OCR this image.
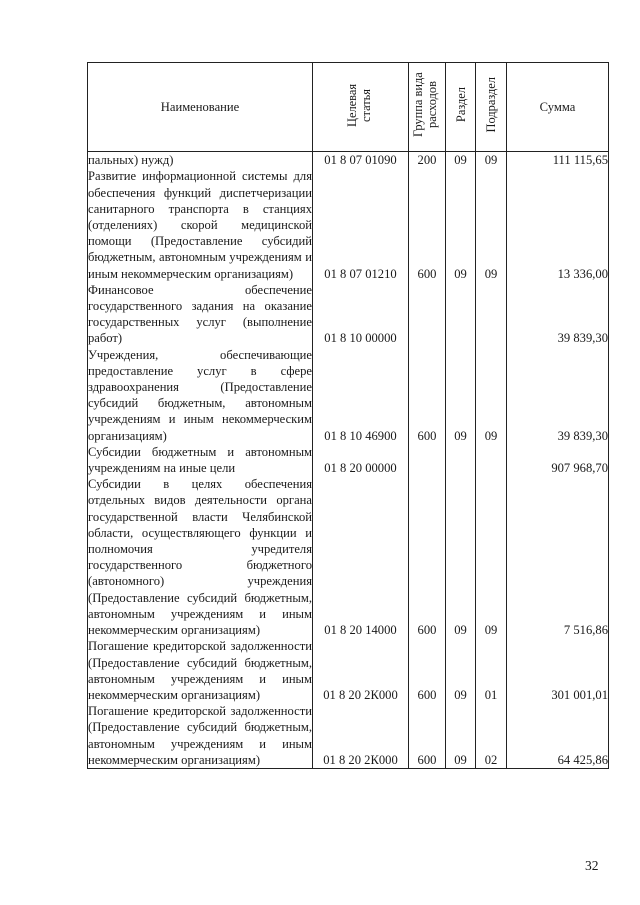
Наименование	Целевая статья	Группа вида расходов	Раздел	Подраздел	Сумма
пальных) нужд)	01 8 07 01090	200	09	09	111 115,65
Развитие информационной системы для обеспечения функций диспетчеризации санитарного транспорта в станциях (отделениях) скорой медицинской помощи (Предоставление субсидий бюджетным, автономным учреждениям и иным некоммерческим организациям)	01 8 07 01210	600	09	09	13 336,00
Финансовое обеспечение государственного задания на оказание государственных услуг (выполнение работ)	01 8 10 00000				39 839,30
Учреждения, обеспечивающие предоставление услуг в сфере здравоохранения (Предоставление субсидий бюджетным, автономным учреждениям и иным некоммерческим организациям)	01 8 10 46900	600	09	09	39 839,30
Субсидии бюджетным и автономным учреждениям на иные цели	01 8 20 00000				907 968,70
Субсидии в целях обеспечения отдельных видов деятельности органа государственной власти Челябинской области, осуществляющего функции и полномочия учредителя государственного бюджетного (автономного) учреждения (Предоставление субсидий бюджетным, автономным учреждениям и иным некоммерческим организациям)	01 8 20 14000	600	09	09	7 516,86
Погашение кредиторской задолженности (Предоставление субсидий бюджетным, автономным учреждениям и иным некоммерческим организациям)	01 8 20 2К000	600	09	01	301 001,01
Погашение кредиторской задолженности (Предоставление субсидий бюджетным, автономным учреждениям и иным некоммерческим организациям)	01 8 20 2К000	600	09	02	64 425,86
32
